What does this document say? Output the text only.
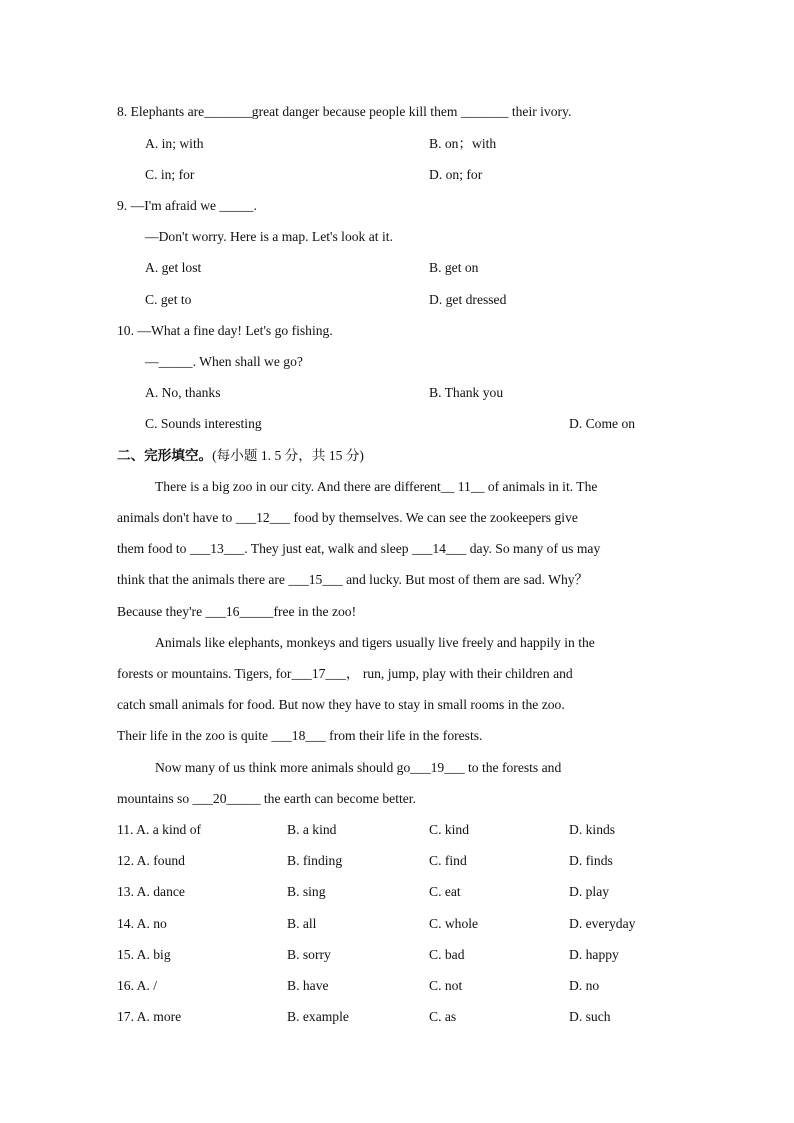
8. Elephants are_______great danger because people kill them _______ their ivory.
A. in; with	B. on；with
C. in; for	D. on; for
9. —I'm afraid we _____.
—Don't worry. Here is a map. Let's look at it.
A. get lost	B. get on
C. get to	D. get dressed
10. —What a fine day! Let's go fishing.
—_____. When shall we go?
A. No, thanks	B. Thank you
C. Sounds interesting	D. Come on
二、完形填空。(每小题 1. 5 分，共 15 分)
There is a big zoo in our city. And there are different__ 11__ of animals in it. The
animals don't have to ___12___ food by themselves. We can see the zookeepers give
them food to ___13___. They just eat, walk and sleep ___14___ day. So many of us may
think that the animals there are ___15___ and lucky. But most of them are sad. Why？
Because they're ___16_____free in the zoo!
Animals like elephants, monkeys and tigers usually live freely and happily in the
forests or mountains. Tigers, for___17___， run, jump, play with their children and
catch small animals for food. But now they have to stay in small rooms in the zoo.
Their life in the zoo is quite ___18___ from their life in the forests.
Now many of us think more animals should go___19___ to the forests and
mountains so ___20_____ the earth can become better.
11. A. a kind of	B. a kind	C. kind	D. kinds
12. A. found	B. finding	C. find	D. finds
13. A. dance	B. sing	C. eat	D. play
14. A. no	B. all	C. whole	D. everyday
15. A. big	B. sorry	C. bad	D. happy
16. A. /	B. have	C. not	D. no
17. A. more	B. example	C. as	D. such
